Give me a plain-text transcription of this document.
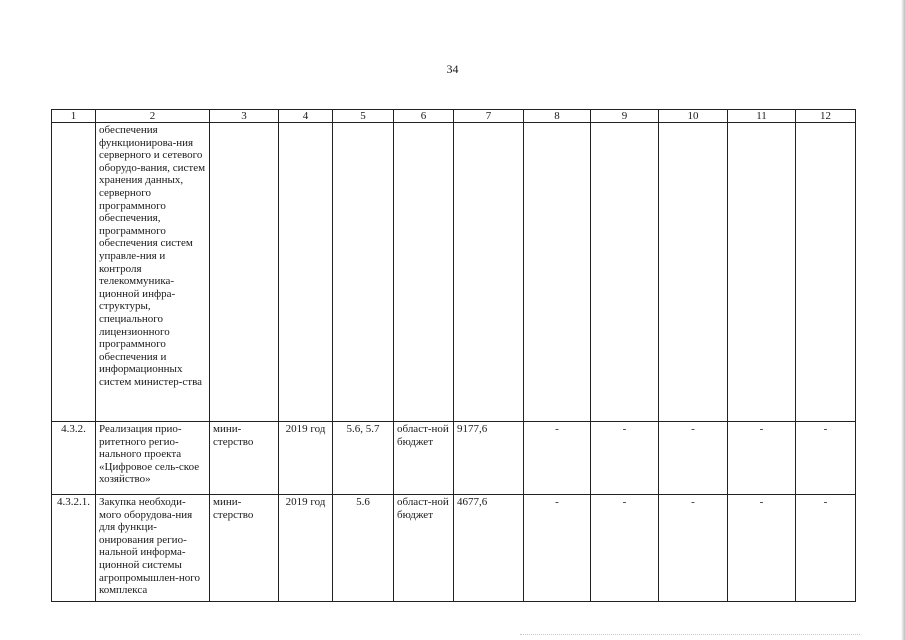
34
1	2	3	4	5	6	7	8	9	10	11	12
	обеспечения функционирова-ния серверного и сетевого оборудо-вания, систем хранения данных, серверного программного обеспечения, программного обеспечения систем управле-ния и контроля телекоммуника-ционной инфра-структуры, специального лицензионного программного обеспечения и информационных систем министер-ства										
4.3.2.	Реализация прио-ритетного регио-нального проекта «Цифровое сель-ское хозяйство»	мини-стерство	2019 год	5.6, 5.7	област-ной бюджет	9177,6	-	-	-	-	-
4.3.2.1.	Закупка необходи-мого оборудова-ния для функци-онирования регио-нальной информа-ционной системы агропромышлен-ного комплекса	мини-стерство	2019 год	5.6	област-ной бюджет	4677,6	-	-	-	-	-
